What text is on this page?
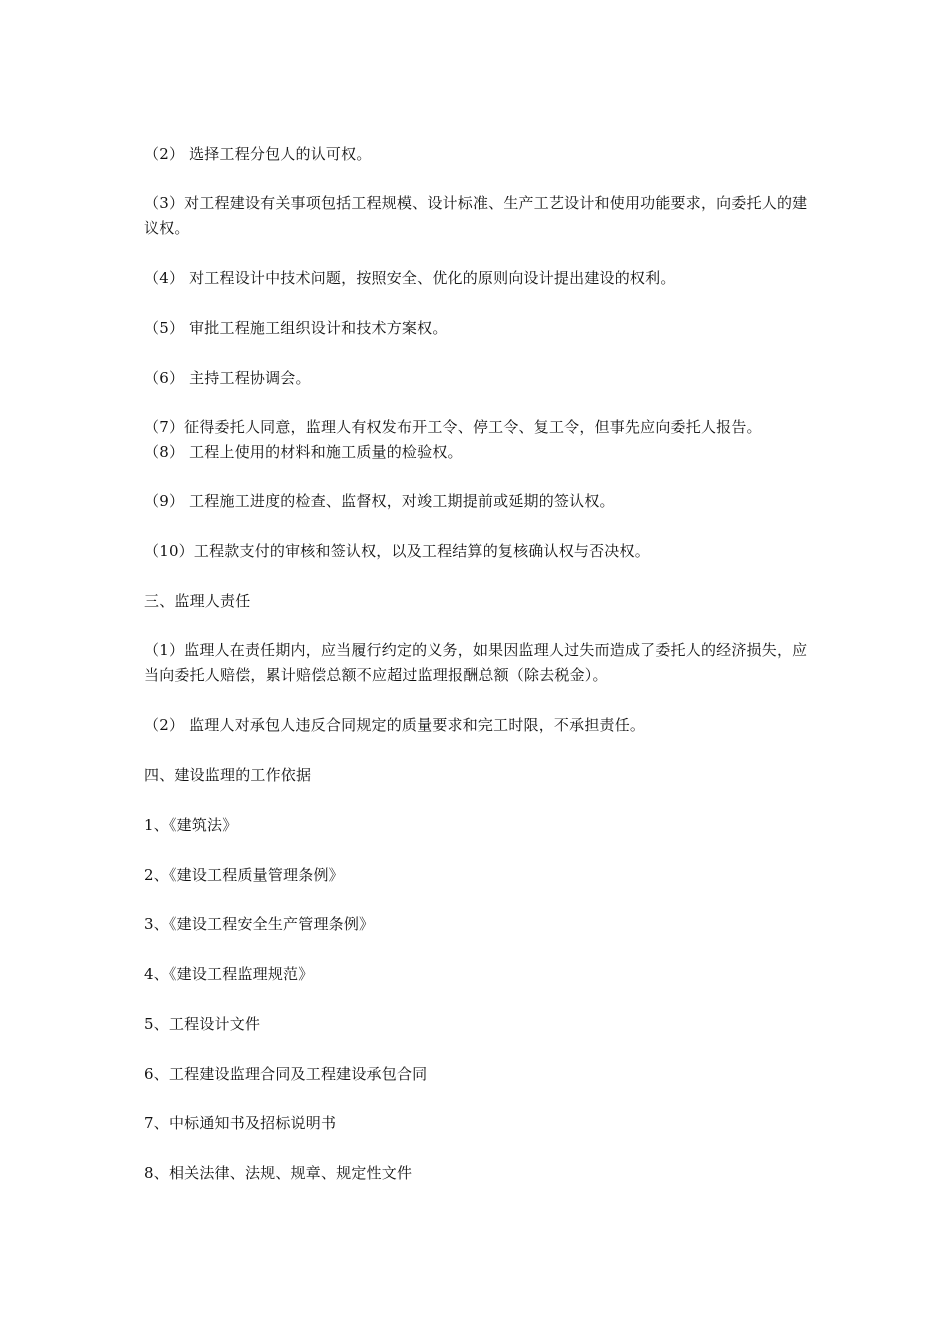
（2） 选择工程分包人的认可权。
（3）对工程建设有关事项包括工程规模、设计标准、生产工艺设计和使用功能要求，向委托人的建议权。
（4） 对工程设计中技术问题，按照安全、优化的原则向设计提出建设的权利。
（5） 审批工程施工组织设计和技术方案权。
（6） 主持工程协调会。
（7）征得委托人同意，监理人有权发布开工令、停工令、复工令，但事先应向委托人报告。
（8） 工程上使用的材料和施工质量的检验权。
（9） 工程施工进度的检查、监督权，对竣工期提前或延期的签认权。
（10）工程款支付的审核和签认权，以及工程结算的复核确认权与否决权。
三、监理人责任
（1）监理人在责任期内，应当履行约定的义务，如果因监理人过失而造成了委托人的经济损失，应当向委托人赔偿，累计赔偿总额不应超过监理报酬总额（除去税金）。
（2） 监理人对承包人违反合同规定的质量要求和完工时限，不承担责任。
四、建设监理的工作依据
1、《建筑法》
2、《建设工程质量管理条例》
3、《建设工程安全生产管理条例》
4、《建设工程监理规范》
5、工程设计文件
6、工程建设监理合同及工程建设承包合同
7、中标通知书及招标说明书
8、相关法律、法规、规章、规定性文件
